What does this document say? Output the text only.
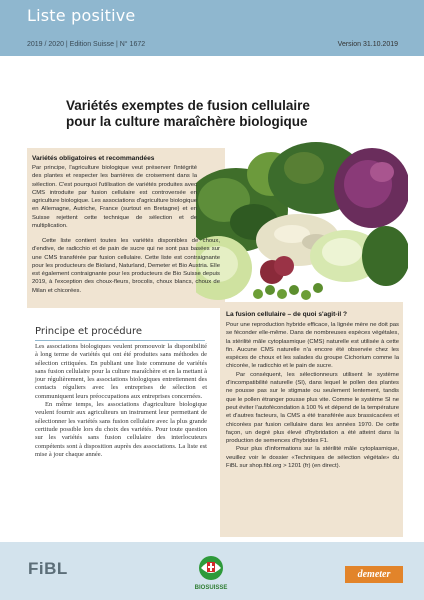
Liste positive
2019 / 2020 | Edition Suisse | N° 1672	Version 31.10.2019
Variétés exemptes de fusion cellulaire
pour la culture maraîchère biologique
Variétés obligatoires et recommandées

Par principe, l'agriculture biologique veut préserver l'intégrité des plantes et respecter les barrières de croisement dans la sélection. C'est pourquoi l'utilisation de variétés produites avec CMS introduite par fusion cellulaire est controversée en agriculture biologique. Les associations d'agriculture biologique en Allemagne, Autriche, France (surtout en Bretagne) et en Suisse rejettent cette technique de sélection et de multiplication.

Cette liste contient toutes les variétés disponibles de choux, d'endive, de radicchio et de pain de sucre qui ne sont pas basées sur une CMS transférée par fusion cellulaire. Cette liste est contraignante pour les producteurs de Bioland, Naturland, Demeter et Bio Austria. Elle est également contraignante pour les producteurs de Bio Suisse depuis 2019, à l'exception des choux-fleurs, brocolis, choux blancs, choux de Milan et chicorées.

Principe et procédure

Les associations biologiques veulent promouvoir la disponibilité à long terme de variétés qui ont été produites sans méthodes de sélection critiquées. En publiant une liste commune de variétés sans fusion cellulaire pour la culture maraîchère et en la mettant à jour régulièrement, les associations biologiques entretiennent des contacts réguliers avec les entreprises de sélection et communiquent leurs préoccupations aux entreprises concernées.

En même temps, les associations d'agriculture biologique veulent fournir aux agriculteurs un instrument leur permettant de sélectionner les variétés sans fusion cellulaire avec la plus grande certitude possible lors du choix des variétés. Pour toute question sur les variétés sans fusion cellulaire des interlocuteurs compétents sont à disposition auprès des associations. La liste est mise à jour chaque année.

La fusion cellulaire – de quoi s'agit-il ?

Pour une reproduction hybride efficace, la lignée mère ne doit pas se féconder elle-même. Dans de nombreuses espèces végétales, la stérilité mâle cytoplasmique (CMS) naturelle est utilisée à cette fin. Aucune CMS naturelle n'a encore été observée chez les espèces de choux et les salades du groupe Cichorium comme la chicorée, le radicchio et le pain de sucre.

Par conséquent, les sélectionneurs utilisent le système d'incompatibilité naturelle (SI), dans lequel le pollen des plantes ne pousse pas sur le stigmate ou seulement lentement, tandis que le pollen étranger pousse plus vite. Comme le système SI ne peut éviter l'autofécondation à 100 % et dépend de la température et d'autres facteurs, la CMS a été transférée aux brassicacées et chicorées par fusion cellulaire dans les années 1970. De cette façon, un degré plus élevé d'hybridation a été atteint dans la production de semences d'hybrides F1.

Pour plus d'informations sur la stérilité mâle cytoplasmique, veuillez voir le dossier «Techniques de sélection végétale» du FiBL sur shop.fibl.org > 1201 (fr) (en direct).

FiBL
BIOSUISSE
demeter
